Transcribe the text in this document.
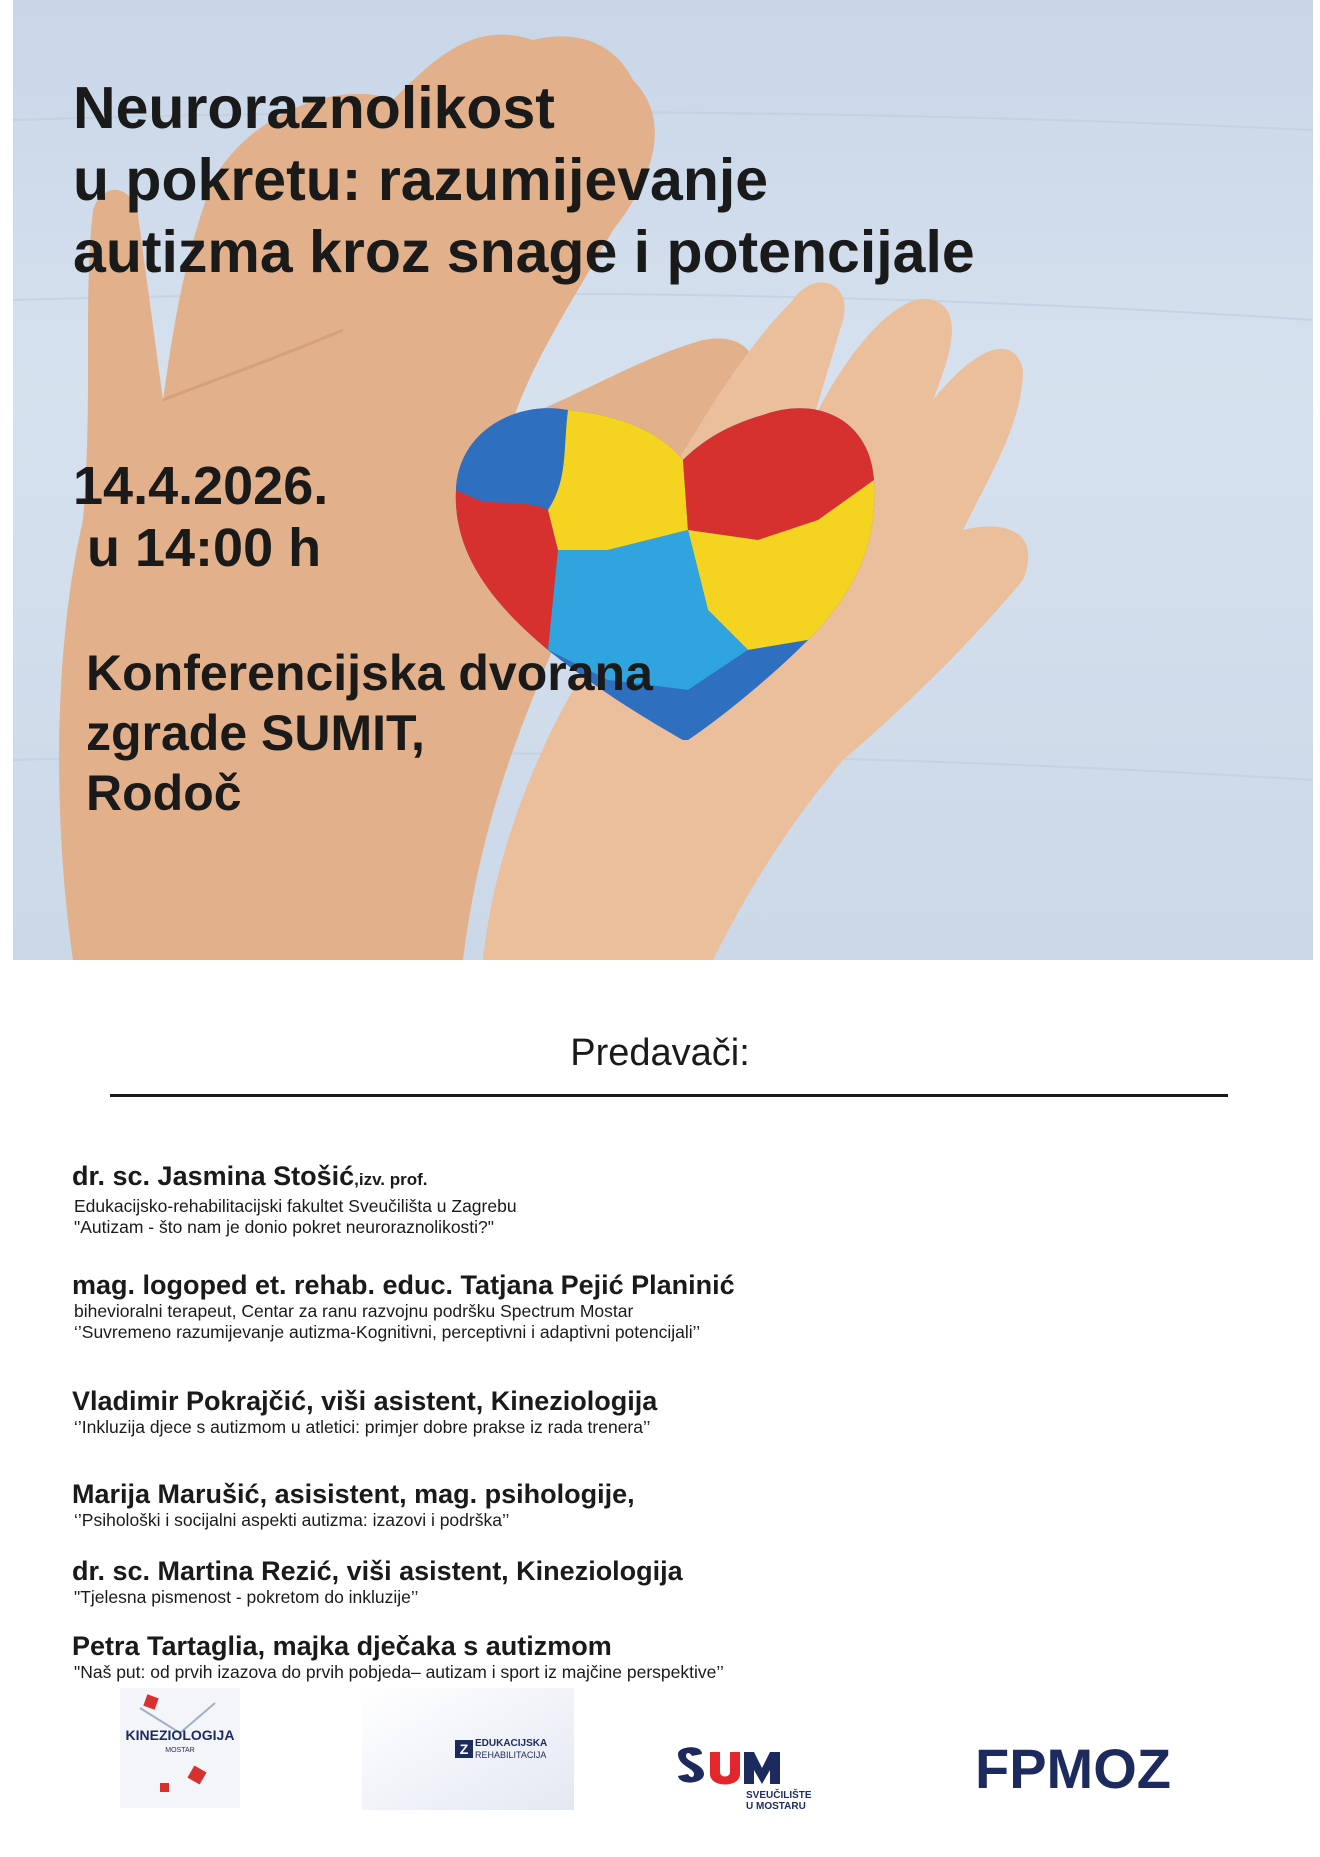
Neuroraznolikost
u pokretu: razumijevanje
autizma kroz snage i potencijale
14.4.2026.
u 14:00 h
Konferencijska dvorana
zgrade SUMIT,
Rodoč
Predavači:
dr. sc. Jasmina Stošić,izv. prof.
Edukacijsko-rehabilitacijski fakultet Sveučilišta u Zagrebu
"Autizam - što nam je donio pokret neuroraznolikosti?"
mag. logoped et. rehab. educ. Tatjana Pejić Planinić
bihevioralni terapeut, Centar za ranu razvojnu podršku Spectrum Mostar
‘’Suvremeno razumijevanje autizma-Kognitivni, perceptivni i adaptivni potencijali’’
Vladimir Pokrajčić, viši asistent, Kineziologija
‘’Inkluzija djece s autizmom u atletici: primjer dobre prakse iz rada trenera’’
Marija Marušić, asisistent, mag. psihologije,
‘’Psihološki i socijalni aspekti autizma: izazovi i podrška’’
dr. sc. Martina Rezić, viši asistent, Kineziologija
"Tjelesna pismenost - pokretom do inkluzije’’
Petra Tartaglia, majka dječaka s autizmom
"Naš put: od prvih izazova do prvih pobjeda– autizam i sport iz majčine perspektive’’
KINEZIOLOGIJA
MOSTAR	Z EDUKACIJSKA
REHABILITACIJA
SVEUČILIŠTE
U MOSTARU
FPMOZ
